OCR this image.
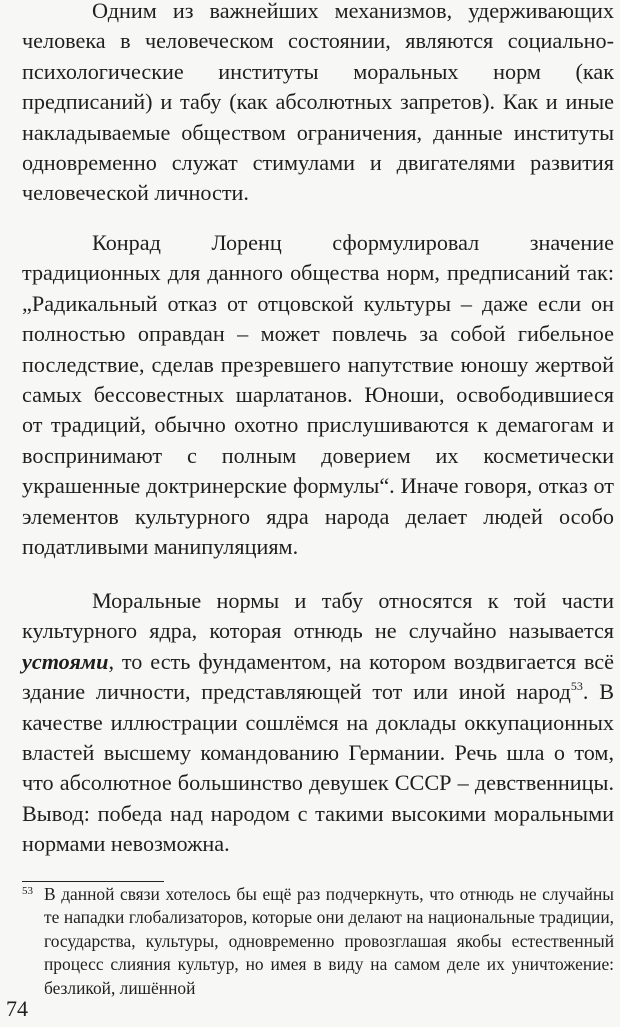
Одним из важнейших механизмов, удерживающих человека в человеческом состоянии, являются социально-психологические институты моральных норм (как предписаний) и табу (как абсолютных запретов). Как и иные накладываемые обществом ограничения, данные институты одновременно служат стимулами и двигателями развития человеческой личности.

Конрад Лоренц сформулировал значение традиционных для данного общества норм, предписаний так: „Радикальный отказ от отцовской культуры – даже если он полностью оправдан – может повлечь за собой гибельное последствие, сделав презревшего напутствие юношу жертвой самых бессовестных шарлатанов. Юноши, освободившиеся от традиций, обычно охотно прислушиваются к демагогам и воспринимают с полным доверием их косметически украшенные доктринерские формулы“. Иначе говоря, отказ от элементов культурного ядра народа делает людей особо податливыми манипуляциям.

Моральные нормы и табу относятся к той части культурного ядра, которая отнюдь не случайно называется устоями, то есть фундаментом, на котором воздвигается всё здание личности, представляющей тот или иной народ$^{53}$. В качестве иллюстрации сошлёмся на доклады оккупационных властей высшему командованию Германии. Речь шла о том, что абсолютное большинство девушек СССР – девственницы. Вывод: победа над народом с такими высокими моральными нормами невозможна.

53 В данной связи хотелось бы ещё раз подчеркнуть, что отнюдь не случайны те нападки глобализаторов, которые они делают на национальные традиции, государства, культуры, одновременно провозглашая якобы естественный процесс слияния культур, но имея в виду на самом деле их уничтожение: безликой, лишённой

74
